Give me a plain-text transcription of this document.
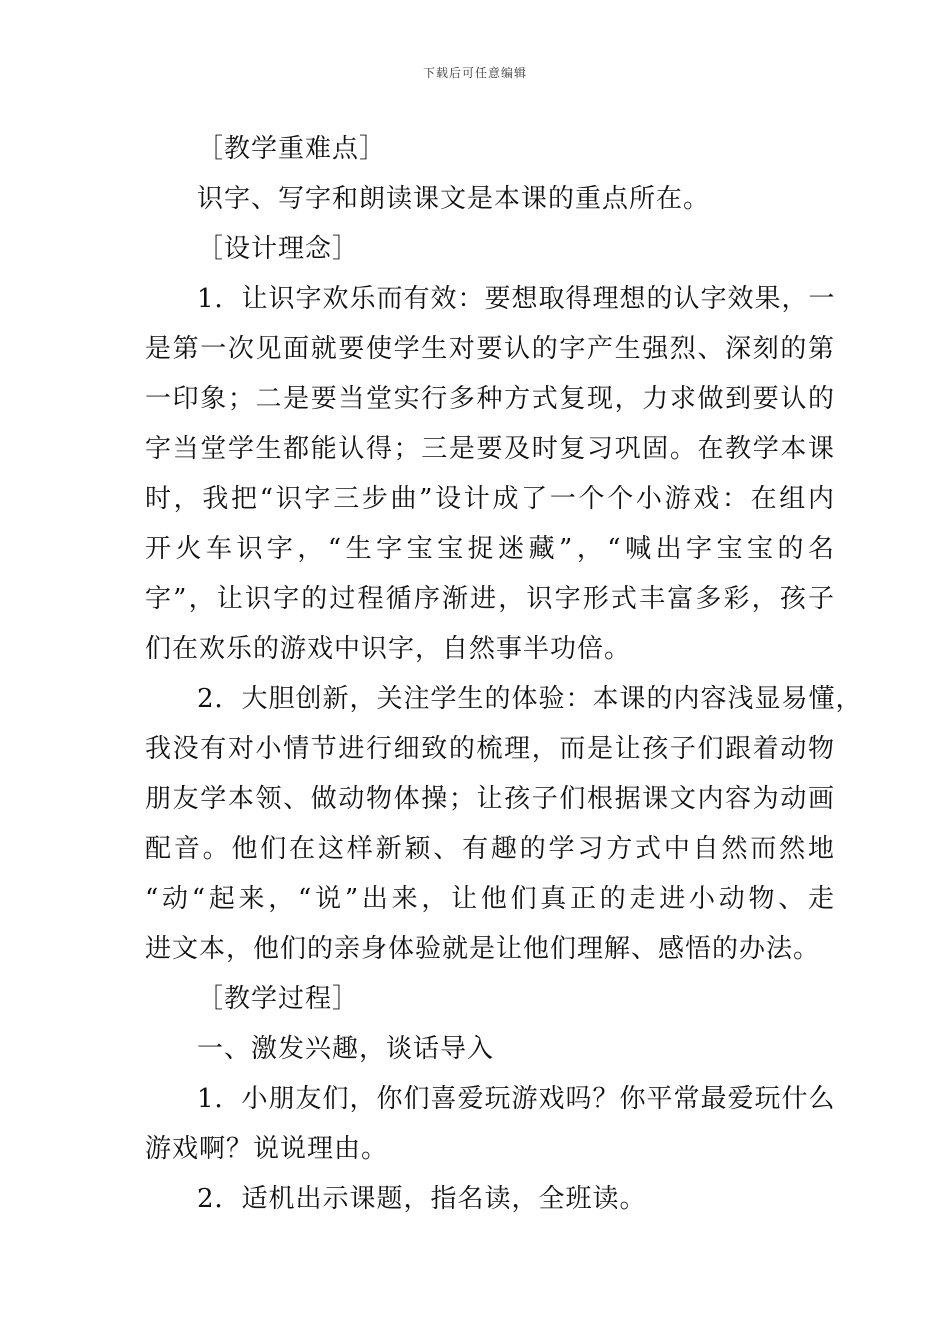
下载后可任意编辑
［教学重难点］
识字、写字和朗读课文是本课的重点所在。
［设计理念］
1．让识字欢乐而有效：要想取得理想的认字效果，一
是第一次见面就要使学生对要认的字产生强烈、深刻的第
一印象；二是要当堂实行多种方式复现，力求做到要认的
字当堂学生都能认得；三是要及时复习巩固。在教学本课
时，我把“识字三步曲”设计成了一个个小游戏：在组内
开火车识字，“生字宝宝捉迷藏”，“喊出字宝宝的名
字”，让识字的过程循序渐进，识字形式丰富多彩，孩子
们在欢乐的游戏中识字，自然事半功倍。
2．大胆创新，关注学生的体验：本课的内容浅显易懂，
我没有对小情节进行细致的梳理，而是让孩子们跟着动物
朋友学本领、做动物体操；让孩子们根据课文内容为动画
配音。他们在这样新颖、有趣的学习方式中自然而然地
“动“起来，“说”出来，让他们真正的走进小动物、走
进文本，他们的亲身体验就是让他们理解、感悟的办法。
［教学过程］
一、激发兴趣，谈话导入
1．小朋友们，你们喜爱玩游戏吗？你平常最爱玩什么
游戏啊？说说理由。
2．适机出示课题，指名读，全班读。
